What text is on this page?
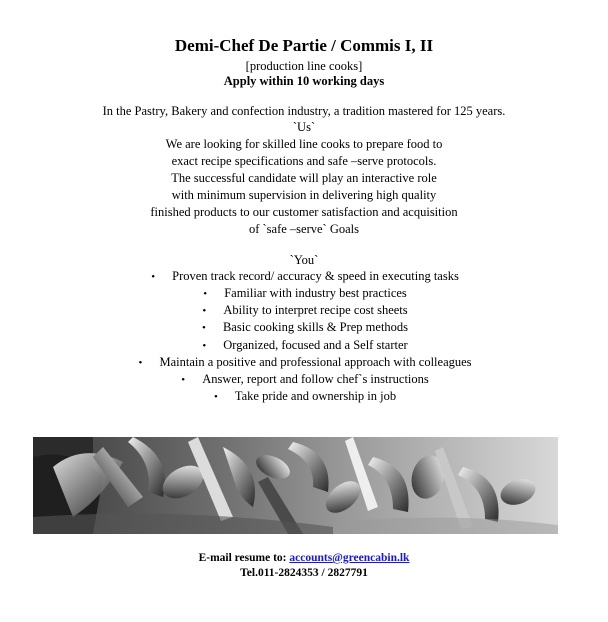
Demi-Chef De Partie / Commis I, II
[production line cooks]
Apply within 10 working days
In the Pastry, Bakery and confection industry, a tradition mastered for 125 years.
`Us`
We are looking for skilled line cooks to prepare food to
exact recipe specifications and safe –serve protocols.
The successful candidate will play an interactive role
with minimum supervision in delivering high quality
finished products to our customer satisfaction and acquisition
of `safe –serve` Goals
`You`
• Proven track record/ accuracy & speed in executing tasks
• Familiar with industry best practices
• Ability to interpret recipe cost sheets
• Basic cooking skills & Prep methods
• Organized, focused and a Self starter
• Maintain a positive and professional approach with colleagues
• Answer, report and follow chef`s instructions
• Take pride and ownership in job
E-mail resume to: accounts@greencabin.lk
Tel.011-2824353 / 2827791
